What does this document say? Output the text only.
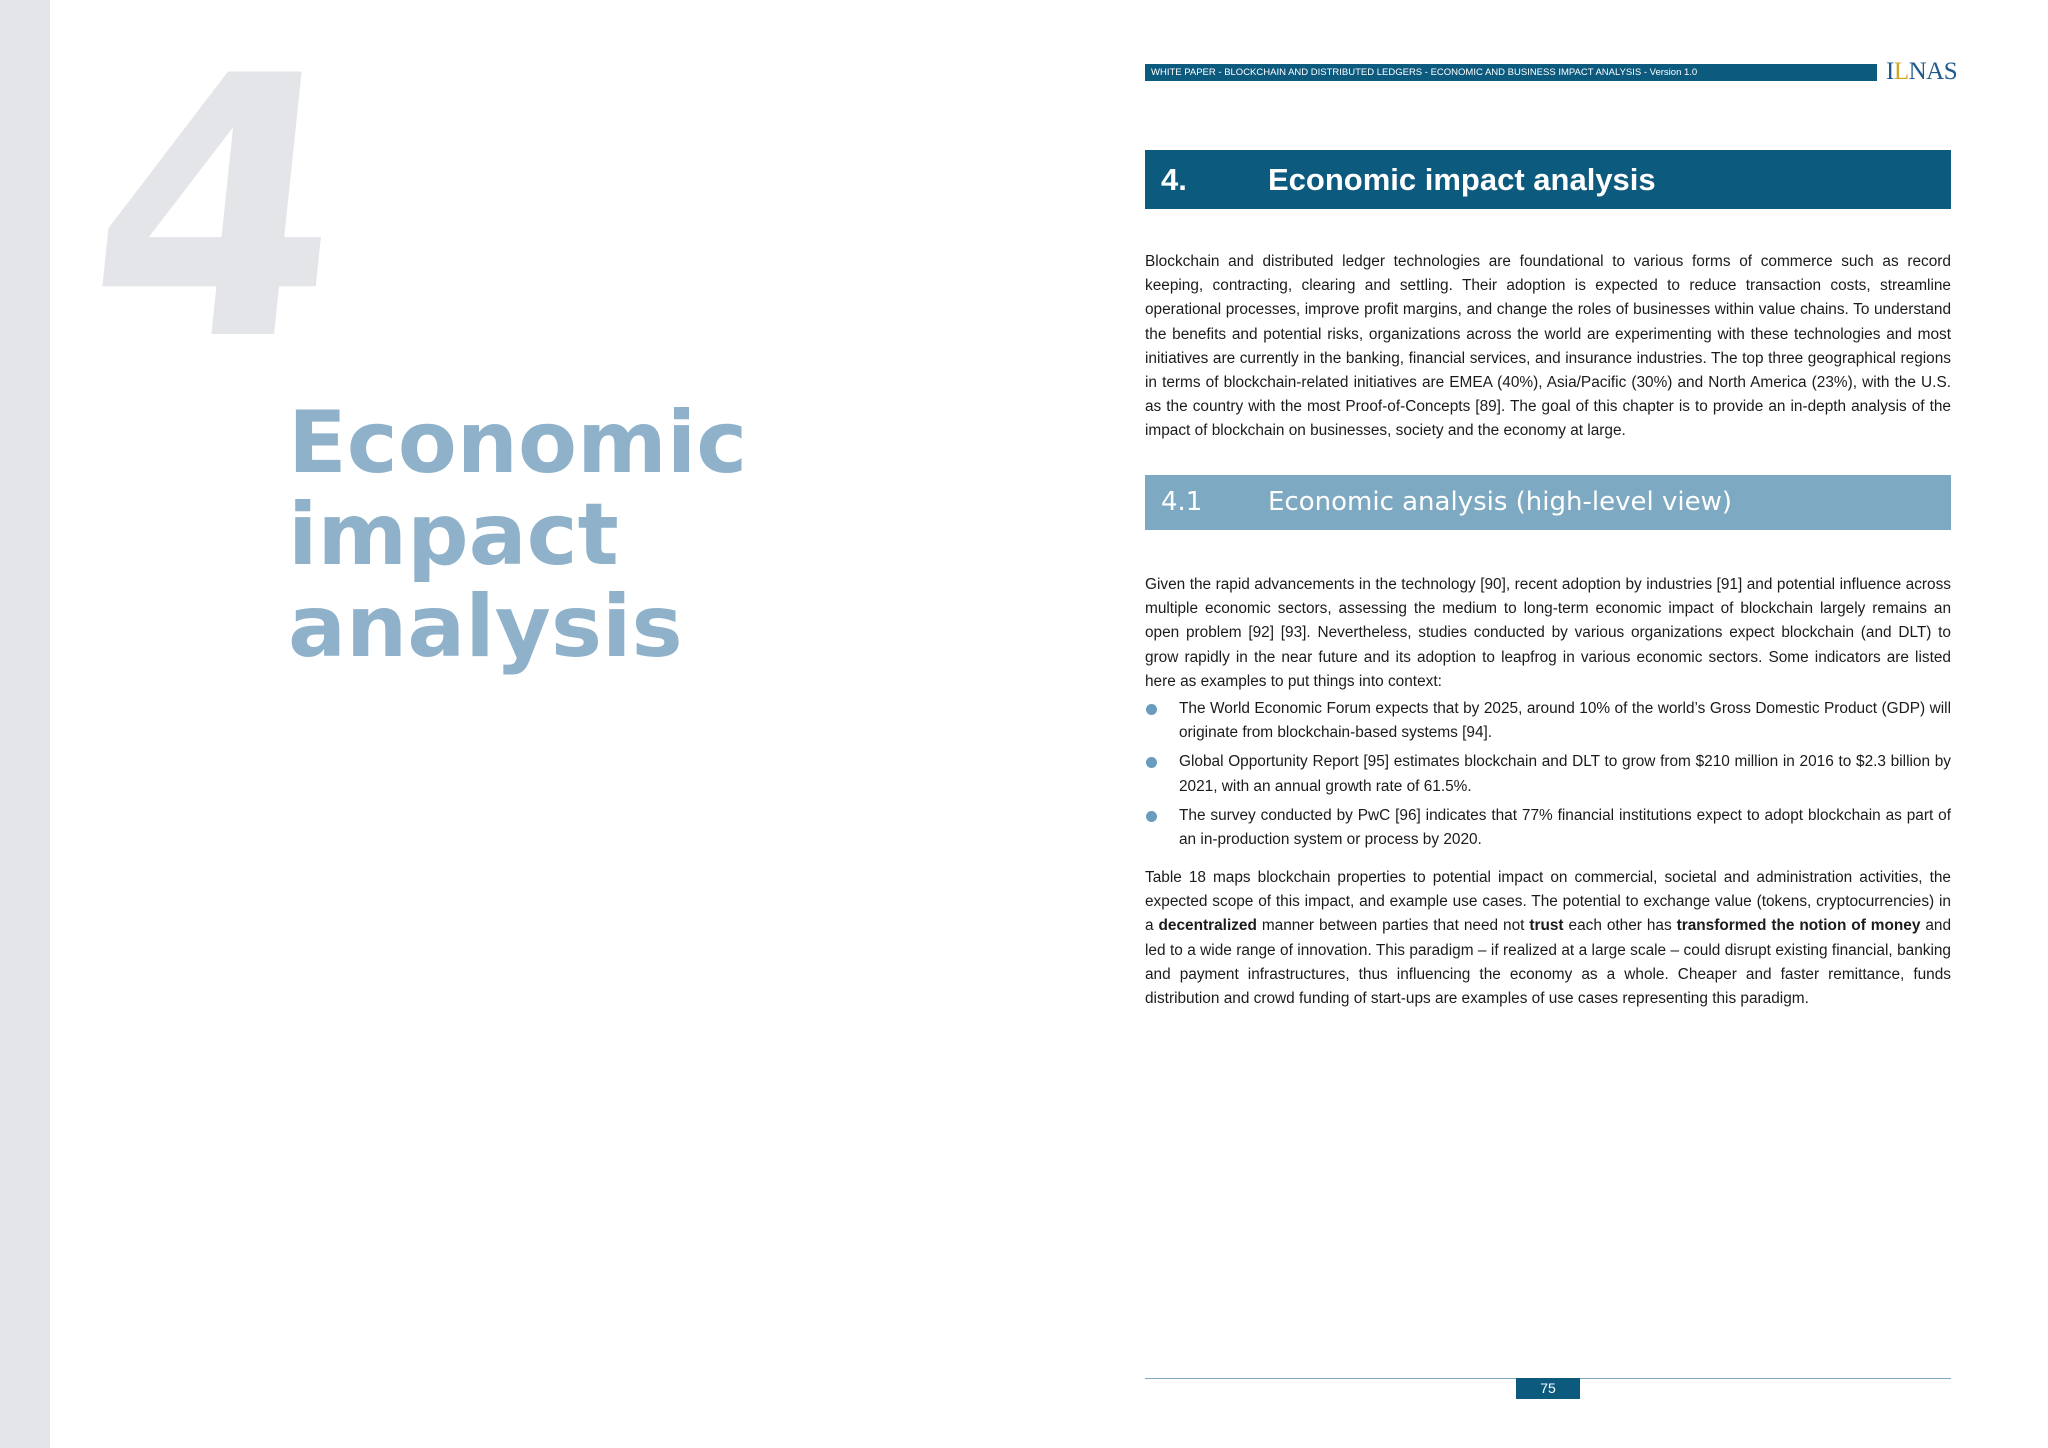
4
Economic
impact
analysis
WHITE PAPER - BLOCKCHAIN AND DISTRIBUTED LEDGERS - ECONOMIC AND BUSINESS IMPACT ANALYSIS - Version 1.0	ILNAS
4.	Economic impact analysis

Blockchain and distributed ledger technologies are foundational to various forms of commerce such as record keeping, contracting, clearing and settling. Their adoption is expected to reduce transaction costs, streamline operational processes, improve profit margins, and change the roles of businesses within value chains. To understand the benefits and potential risks, organizations across the world are experimenting with these technologies and most initiatives are currently in the banking, financial services, and insurance industries. The top three geographical regions in terms of blockchain-related initiatives are EMEA (40%), Asia/Pacific (30%) and North America (23%), with the U.S. as the country with the most Proof-of-Concepts [89]. The goal of this chapter is to provide an in-depth analysis of the impact of blockchain on businesses, society and the economy at large.

4.1	Economic analysis (high-level view)

Given the rapid advancements in the technology [90], recent adoption by industries [91] and potential influence across multiple economic sectors, assessing the medium to long-term economic impact of blockchain largely remains an open problem [92] [93]. Nevertheless, studies conducted by various organizations expect blockchain (and DLT) to grow rapidly in the near future and its adoption to leapfrog in various economic sectors. Some indicators are listed here as examples to put things into context:

The World Economic Forum expects that by 2025, around 10% of the world’s Gross Domestic Product (GDP) will originate from blockchain-based systems [94].
Global Opportunity Report [95] estimates blockchain and DLT to grow from $210 million in 2016 to $2.3 billion by 2021, with an annual growth rate of 61.5%.
The survey conducted by PwC [96] indicates that 77% financial institutions expect to adopt blockchain as part of an in-production system or process by 2020.

Table 18 maps blockchain properties to potential impact on commercial, societal and administration activities, the expected scope of this impact, and example use cases. The potential to exchange value (tokens, cryptocurrencies) in a decentralized manner between parties that need not trust each other has transformed the notion of money and led to a wide range of innovation. This paradigm – if realized at a large scale – could disrupt existing financial, banking and payment infrastructures, thus influencing the economy as a whole. Cheaper and faster remittance, funds distribution and crowd funding of start-ups are examples of use cases representing this paradigm.

75
